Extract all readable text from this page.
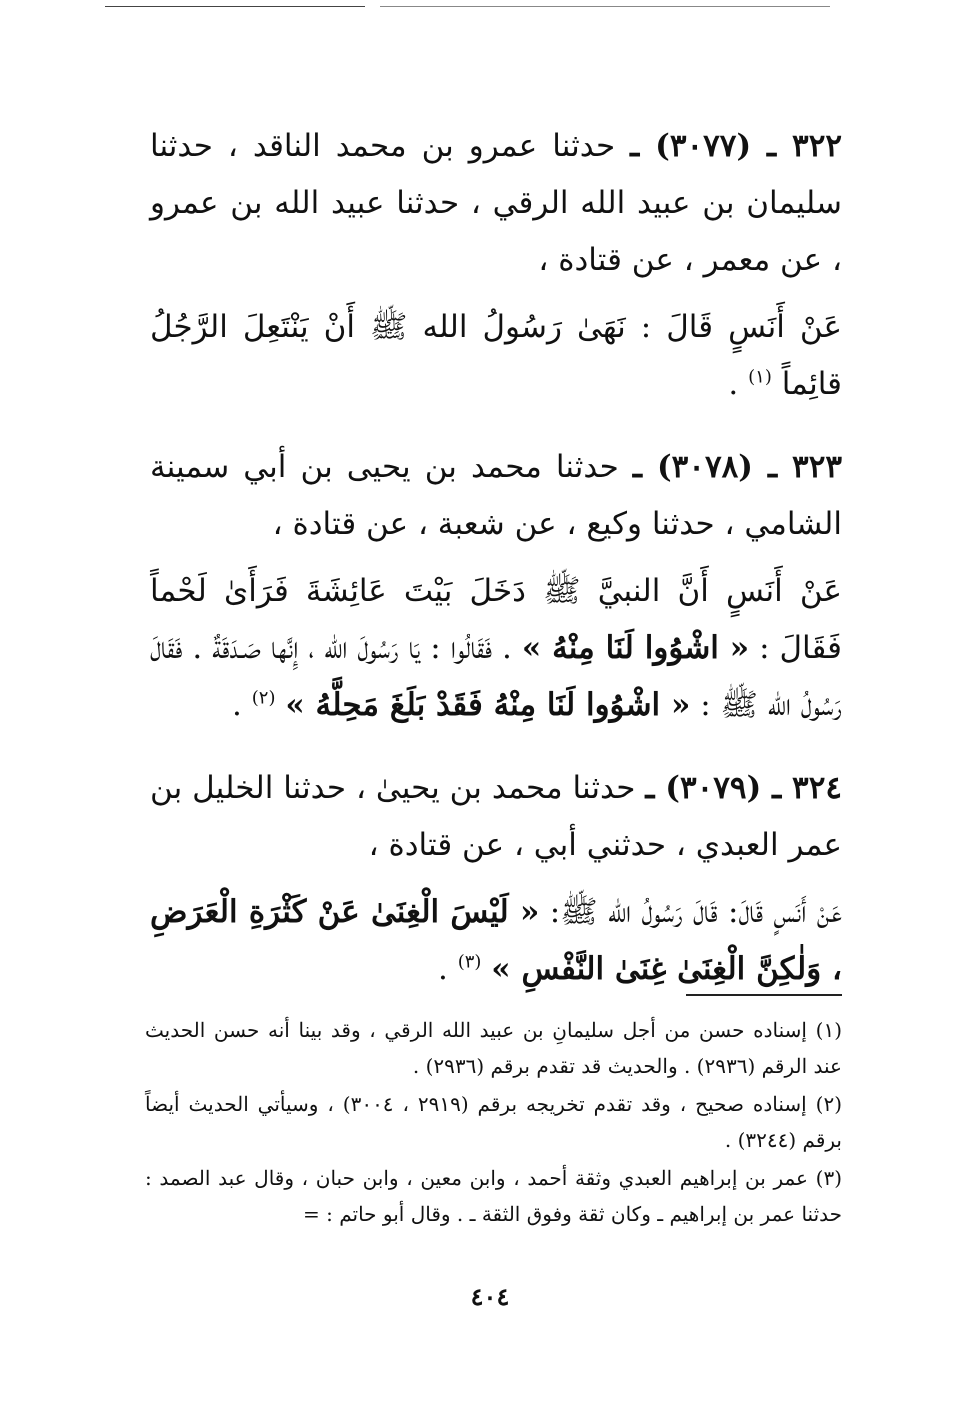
٣٢٢ ـ (٣٠٧٧) ـ حدثنا عمرو بن محمد الناقد ، حدثنا سليمان بن عبيد الله الرقي ، حدثنا عبيد الله بن عمرو ، عن معمر ، عن قتادة ،

عَنْ أَنَسٍ قَالَ : نَهَىٰ رَسُولُ الله ﷺ أَنْ يَنْتَعِلَ الرَّجُلُ قائِماً $^{(١)}$ .

٣٢٣ ـ (٣٠٧٨) ـ حدثنا محمد بن يحيى بن أبي سمينة الشامي ، حدثنا وكيع ، عن شعبة ، عن قتادة ،

عَنْ أَنَسٍ أَنَّ النبيَّ ﷺ دَخَلَ بَيْتَ عَائِشَةَ فَرَأَىٰ لَحْماً فَقَالَ : « اشْوُوا لَنَا مِنْهُ » . فَقَالُوا : يَا رَسُولَ الله ، إِنَّها صَـدَقَةٌ . فَقَالَ رَسُولُ الله ﷺ : « اشْوُوا لَنَا مِنْهُ فَقَدْ بَلَغَ مَحِلَّهُ » $^{(٢)}$ .

٣٢٤ ـ (٣٠٧٩) ـ حدثنا محمد بن يحيىٰ ، حدثنا الخليل بن عمر العبدي ، حدثني أبي ، عن قتادة ،

عَنْ أَنَسٍ قَالَ: قَالَ رَسُولُ الله ﷺ: « لَيْسَ الْغِنَىٰ عَنْ كَثْرَةِ الْعَرَضِ ، وَلٰكِنَّ الْغِنَىٰ غِنَىٰ النَّفْسِ » $^{(٣)}$ .

(١) إسناده حسن من أجل سليمانِ بن عبيد الله الرقي ، وقد بينا أنه حسن الحديث عند الرقم (٢٩٣٦) . والحديث قد تقدم برقم (٢٩٣٦) .

(٢) إسناده صحيح ، وقد تقدم تخريجه برقم (٢٩١٩ ، ٣٠٠٤) ، وسيأتي الحديث أيضاً برقم (٣٢٤٤) .

(٣) عمر بن إبراهيم العبدي وثقة أحمد ، وابن معين ، وابن حبان ، وقال عبد الصمد : حدثنا عمر بن إبراهيم ـ وكان ثقة وفوق الثقة ـ . وقال أبو حاتم : =

٤٠٤
